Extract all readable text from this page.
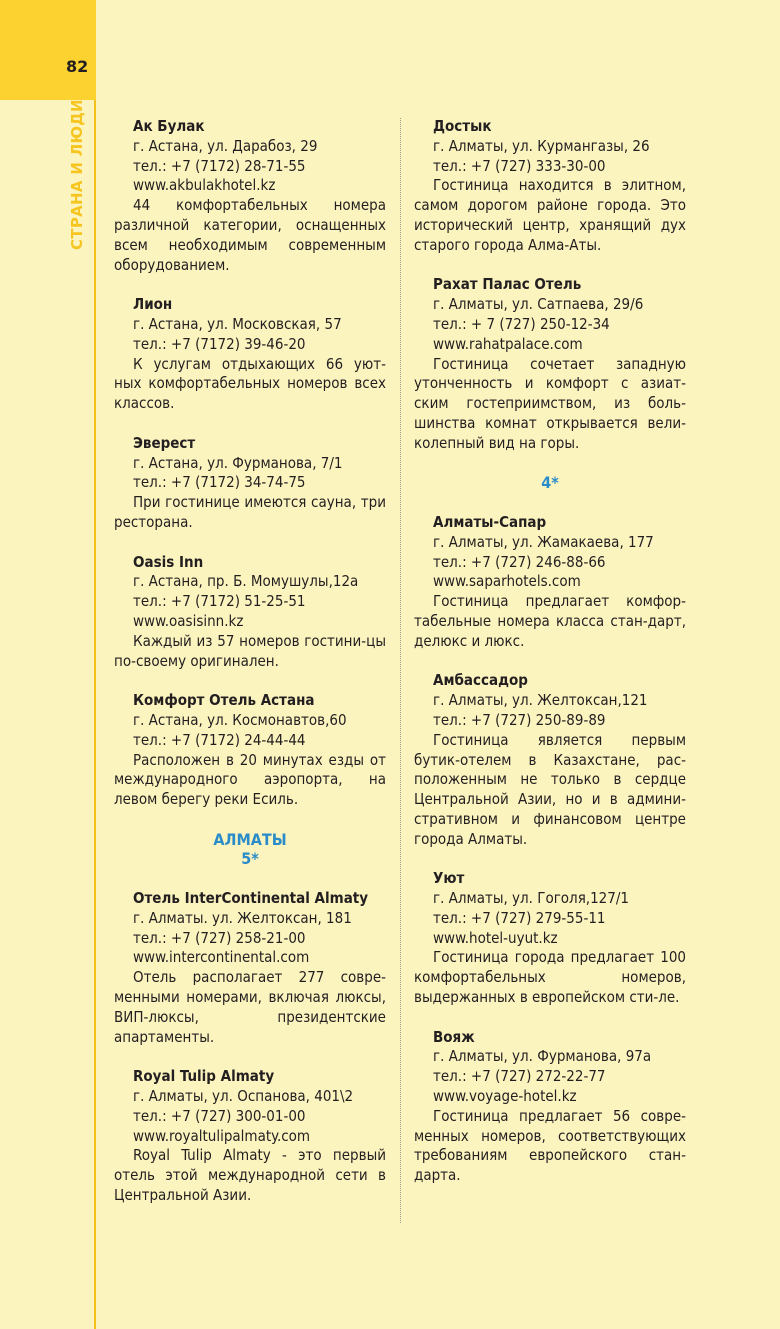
82
СТРАНА И ЛЮДИ	Ак Булак
г. Астана, ул. Дарабоз, 29
тел.: +7 (7172) 28-71-55
www.akbulakhotel.kz
44 комфортабельных номера различной категории, оснащенных всем необходимым современным оборудованием.
Лион
г. Астана, ул. Московская, 57
тел.: +7 (7172) 39-46-20
К услугам отдыхающих 66 уют-ных комфортабельных номеров всех классов.
Эверест
г. Астана, ул. Фурманова, 7/1
тел.: +7 (7172) 34-74-75
При гостинице имеются сауна, три ресторана.
Oasis Inn
г. Астана, пр. Б. Момушулы,12а
тел.: +7 (7172) 51-25-51
www.oasisinn.kz
Каждый из 57 номеров гостини-цы по-своему оригинален.
Комфорт Отель Астана
г. Астана, ул. Космонавтов,60
тел.: +7 (7172) 24-44-44
Расположен в 20 минутах езды от международного аэропорта, на левом берегу реки Есиль.
АЛМАТЫ
5*
Отель InterContinental Almaty
г. Алматы. ул. Желтоксан, 181
тел.: +7 (727) 258-21-00
www.intercontinental.com
Отель располагает 277 совре-менными номерами, включая люксы, ВИП-люксы, президентские апартаменты.
Royal Tulip Almaty
г. Алматы, ул. Оспанова, 401\2
тел.: +7 (727) 300-01-00
www.royaltulipalmaty.com
Royal Tulip Almaty - это первый отель этой международной сети в Центральной Азии.
Достык
г. Алматы, ул. Курмангазы, 26
тел.: +7 (727) 333-30-00
Гостиница находится в элитном, самом дорогом районе города. Это исторический центр, хранящий дух старого города Алма-Аты.
Рахат Палас Отель
г. Алматы, ул. Сатпаева, 29/6
тел.: + 7 (727) 250-12-34
www.rahatpalace.com
Гостиница сочетает западную утонченность и комфорт с азиат-ским гостеприимством, из боль-шинства комнат открывается вели-колепный вид на горы.
4*
Алматы-Сапар
г. Алматы, ул. Жамакаева, 177
тел.: +7 (727) 246-88-66
www.saparhotels.com
Гостиница предлагает комфор-табельные номера класса стан-дарт, делюкс и люкс.
Амбассадор
г. Алматы, ул. Желтоксан,121
тел.: +7 (727) 250-89-89
Гостиница является первым бутик-отелем в Казахстане, рас-положенным не только в сердце Центральной Азии, но и в админи-стративном и финансовом центре города Алматы.
Уют
г. Алматы, ул. Гоголя,127/1
тел.: +7 (727) 279-55-11
www.hotel-uyut.kz
Гостиница города предлагает 100 комфортабельных номеров, выдержанных в европейском сти-ле.
Вояж
г. Алматы, ул. Фурманова, 97а
тел.: +7 (727) 272-22-77
www.voyage-hotel.kz
Гостиница предлагает 56 совре-менных номеров, соответствующих требованиям европейского стан-дарта.
